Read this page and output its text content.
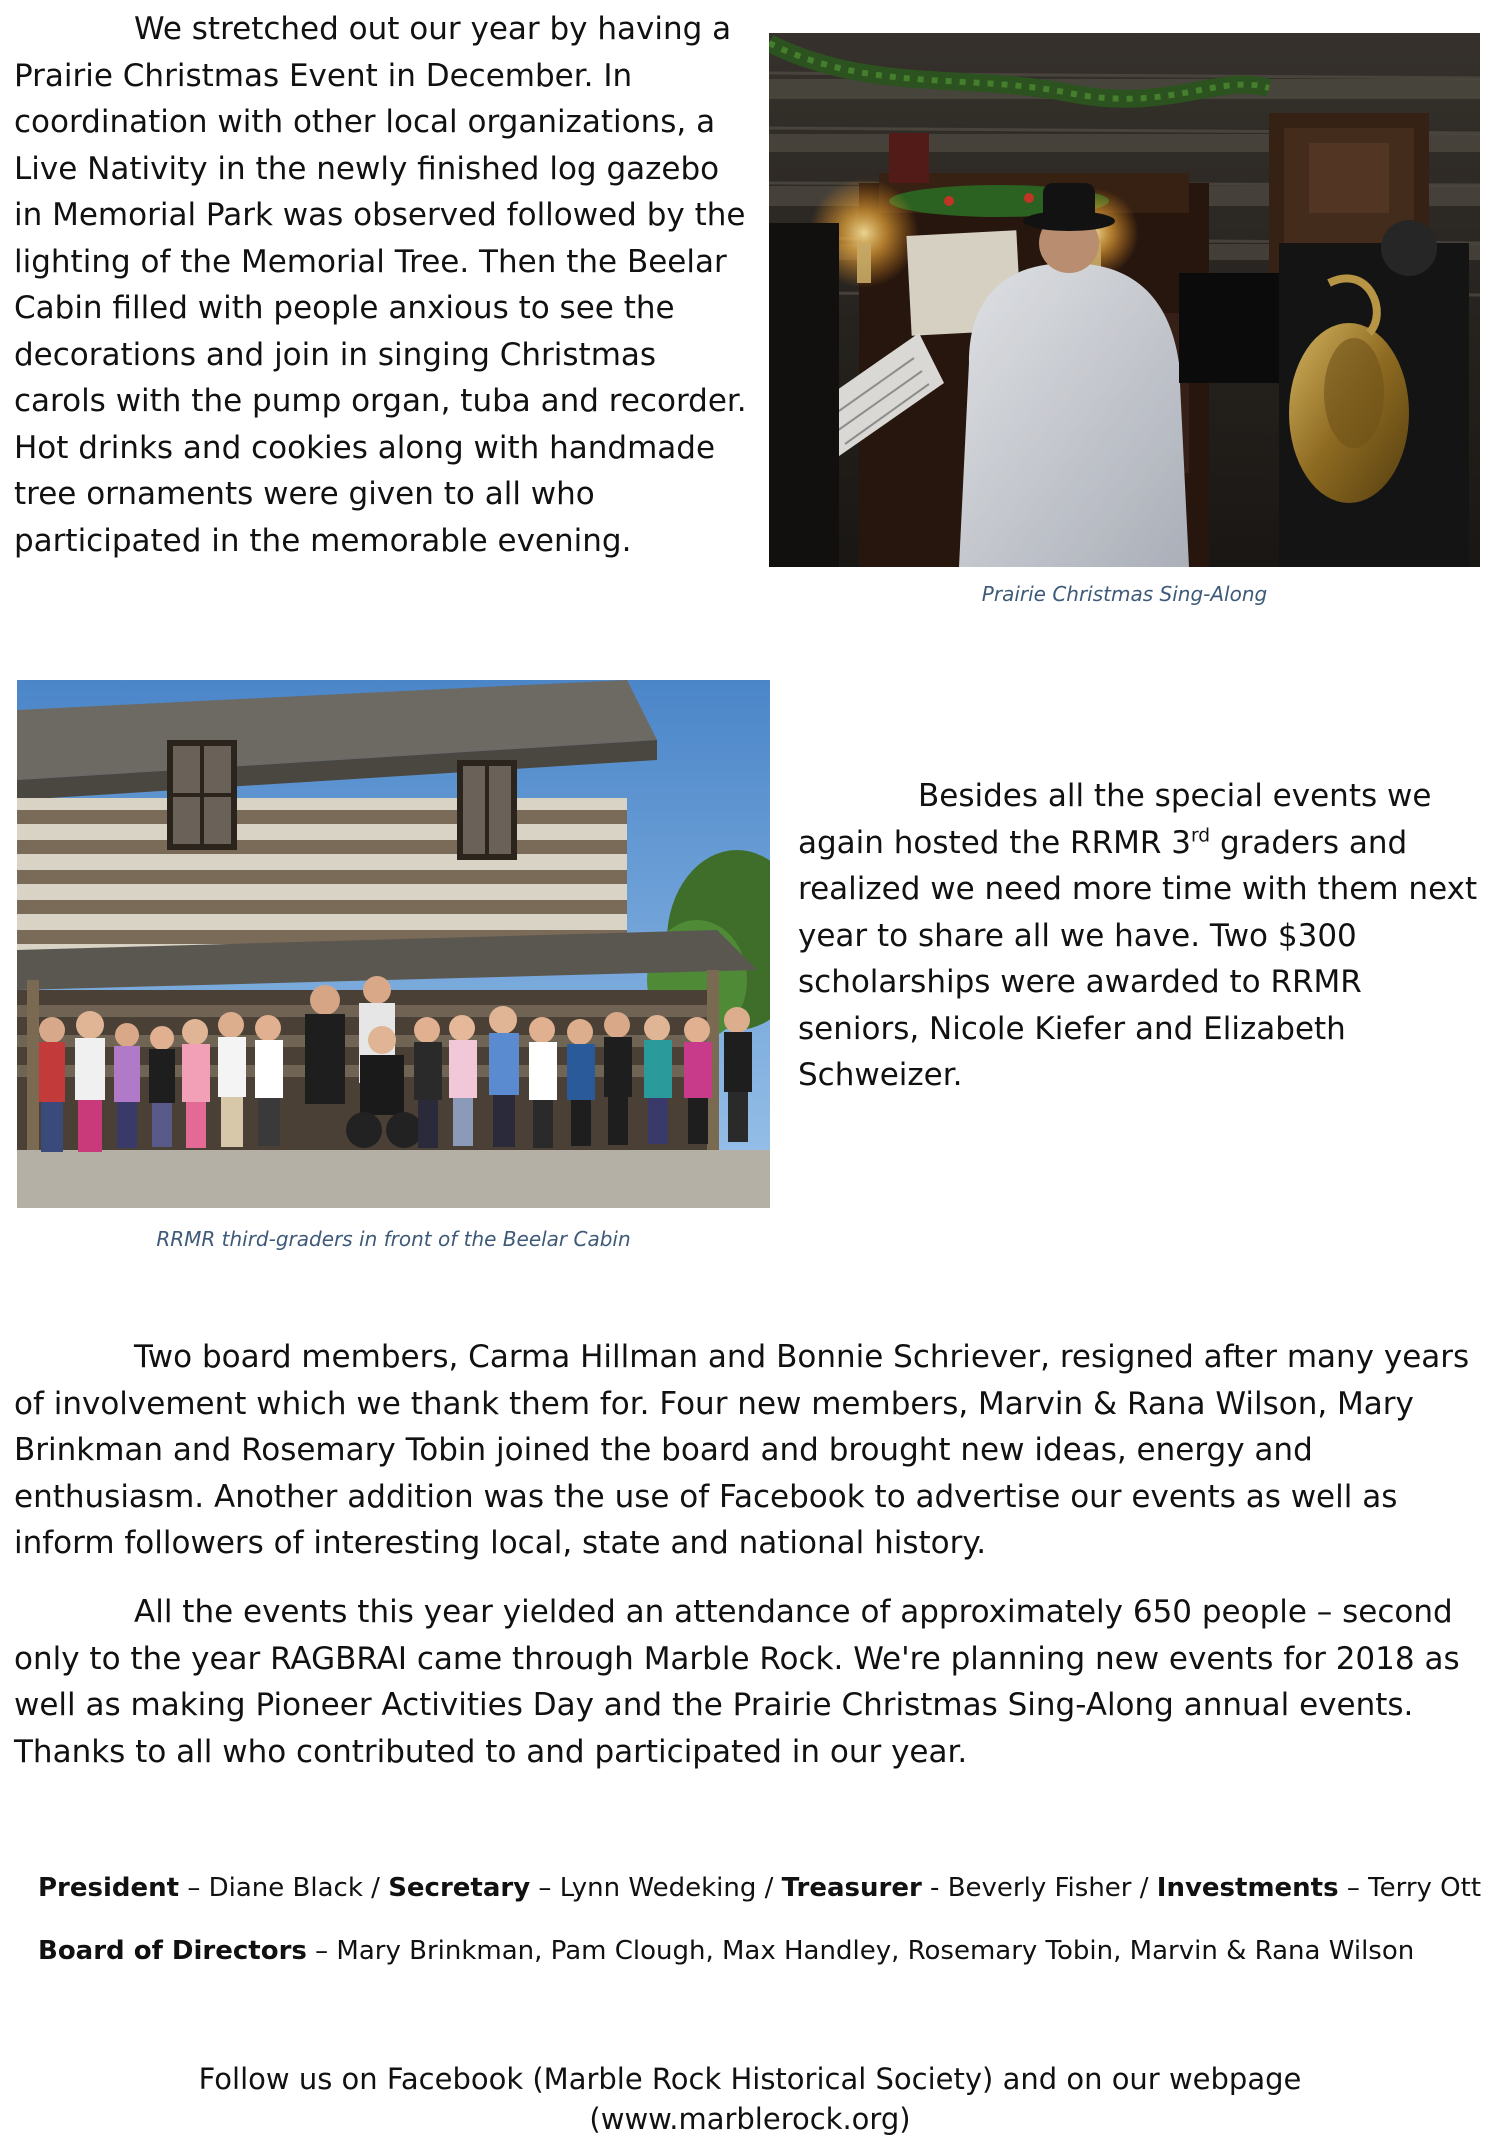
We stretched out our year by having a Prairie Christmas Event in December. In coordination with other local organizations, a Live Nativity in the newly finished log gazebo in Memorial Park was observed followed by the lighting of the Memorial Tree. Then the Beelar Cabin filled with people anxious to see the decorations and join in singing Christmas carols with the pump organ, tuba and recorder. Hot drinks and cookies along with handmade tree ornaments were given to all who participated in the memorable evening.

Prairie Christmas Sing-Along

RRMR third-graders in front of the Beelar Cabin

Besides all the special events we again hosted the RRMR 3rd graders and realized we need more time with them next year to share all we have. Two $300 scholarships were awarded to RRMR seniors, Nicole Kiefer and Elizabeth Schweizer.

Two board members, Carma Hillman and Bonnie Schriever, resigned after many years of involvement which we thank them for. Four new members, Marvin & Rana Wilson, Mary Brinkman and Rosemary Tobin joined the board and brought new ideas, energy and enthusiasm. Another addition was the use of Facebook to advertise our events as well as inform followers of interesting local, state and national history.

All the events this year yielded an attendance of approximately 650 people – second only to the year RAGBRAI came through Marble Rock. We're planning new events for 2018 as well as making Pioneer Activities Day and the Prairie Christmas Sing-Along annual events. Thanks to all who contributed to and participated in our year.

President – Diane Black / Secretary – Lynn Wedeking / Treasurer - Beverly Fisher / Investments – Terry Ott

Board of Directors – Mary Brinkman, Pam Clough, Max Handley, Rosemary Tobin, Marvin & Rana Wilson

Follow us on Facebook (Marble Rock Historical Society) and on our webpage

(www.marblerock.org)
